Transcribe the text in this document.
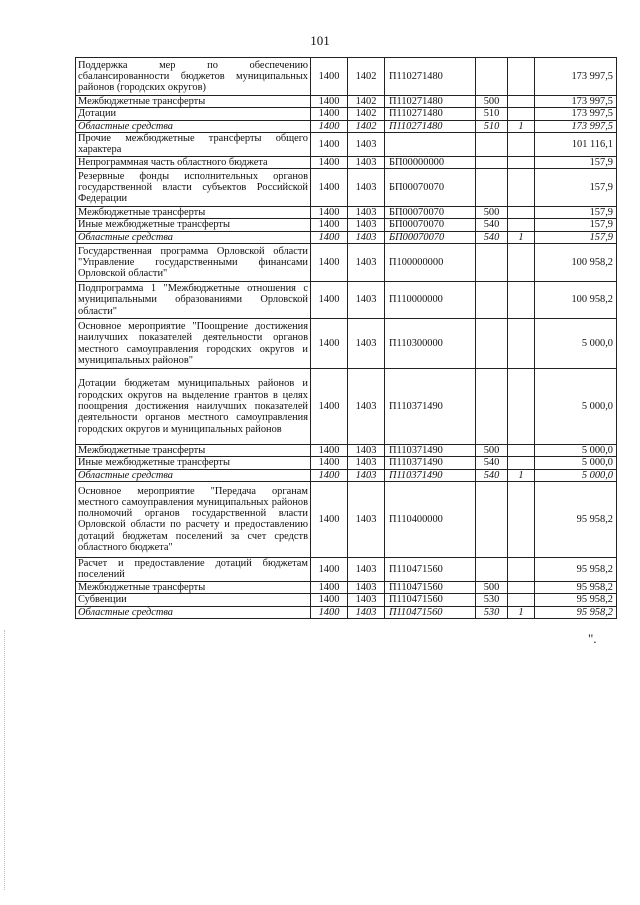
101
Поддержка мер по обеспечению сбалансированности бюджетов муниципальных районов (городских округов)	1400	1402	П110271480			173 997,5
Межбюджетные трансферты	1400	1402	П110271480	500		173 997,5
Дотации	1400	1402	П110271480	510		173 997,5
Областные средства	1400	1402	П110271480	510	1	173 997,5
Прочие межбюджетные трансферты общего характера	1400	1403				101 116,1
Непрограммная часть областного бюджета	1400	1403	БП00000000			157,9
Резервные фонды исполнительных органов государственной власти субъектов Российской Федерации	1400	1403	БП00070070			157,9
Межбюджетные трансферты	1400	1403	БП00070070	500		157,9
Иные межбюджетные трансферты	1400	1403	БП00070070	540		157,9
Областные средства	1400	1403	БП00070070	540	1	157,9
Государственная программа Орловской области "Управление государственными финансами Орловской области"	1400	1403	П100000000			100 958,2
Подпрограмма 1 "Межбюджетные отношения с муниципальными образованиями Орловской области"	1400	1403	П110000000			100 958,2
Основное мероприятие "Поощрение достижения наилучших показателей деятельности органов местного самоуправления городских округов и муниципальных районов"	1400	1403	П110300000			5 000,0
Дотации бюджетам муниципальных районов и городских округов на выделение грантов в целях поощрения достижения наилучших показателей деятельности органов местного самоуправления городских округов и муниципальных районов	1400	1403	П110371490			5 000,0
Межбюджетные трансферты	1400	1403	П110371490	500		5 000,0
Иные межбюджетные трансферты	1400	1403	П110371490	540		5 000,0
Областные средства	1400	1403	П110371490	540	1	5 000,0
Основное мероприятие "Передача органам местного самоуправления муниципальных районов полномочий органов государственной власти Орловской области по расчету и предоставлению дотаций бюджетам поселений за счет средств областного бюджета"	1400	1403	П110400000			95 958,2
Расчет и предоставление дотаций бюджетам поселений	1400	1403	П110471560			95 958,2
Межбюджетные трансферты	1400	1403	П110471560	500		95 958,2
Субвенции	1400	1403	П110471560	530		95 958,2
Областные средства	1400	1403	П110471560	530	1	95 958,2
".
